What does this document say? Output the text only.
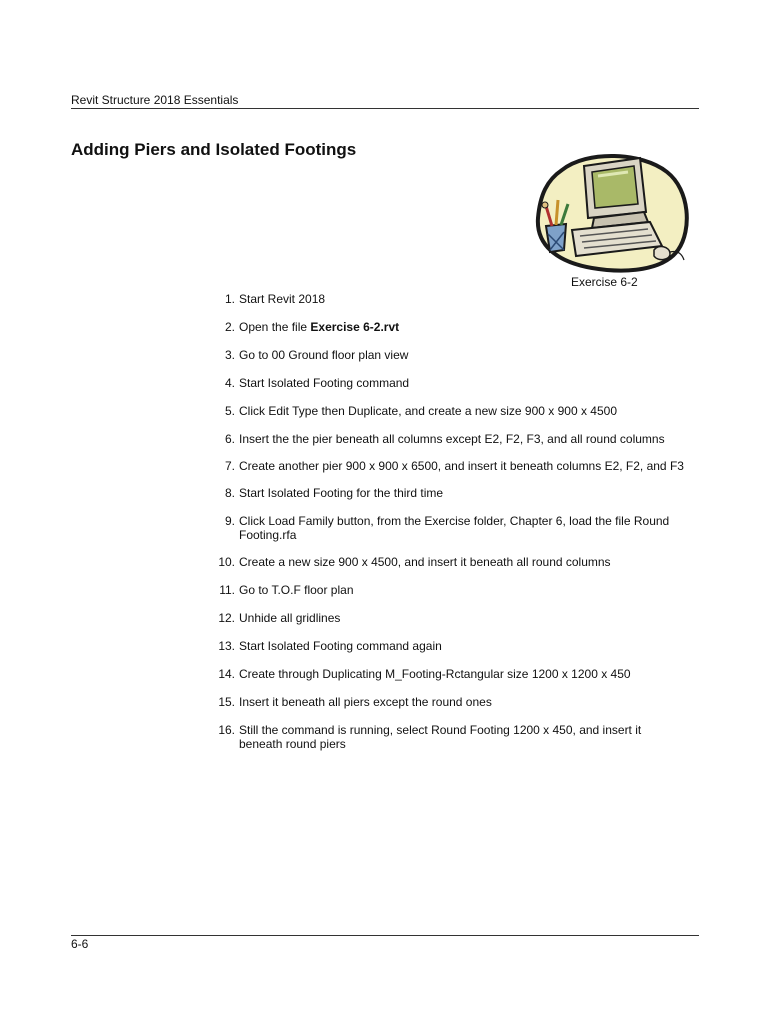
Revit Structure 2018 Essentials
Adding Piers and Isolated Footings
Exercise 6-2
1. Start Revit 2018
2. Open the file Exercise 6-2.rvt
3. Go to 00 Ground floor plan view
4. Start Isolated Footing command
5. Click Edit Type then Duplicate, and create a new size 900 x 900 x 4500
6. Insert the the pier beneath all columns except E2, F2, F3, and all round columns
7. Create another pier 900 x 900 x 6500, and insert it beneath columns E2, F2, and F3
8. Start Isolated Footing for the third time
9. Click Load Family button, from the Exercise folder, Chapter 6, load the file Round Footing.rfa
10. Create a new size 900 x 4500, and insert it beneath all round columns
11. Go to T.O.F floor plan
12. Unhide all gridlines
13. Start Isolated Footing command again
14. Create through Duplicating M_Footing-Rctangular size 1200 x 1200 x 450
15. Insert it beneath all piers except the round ones
16. Still the command is running, select Round Footing 1200 x 450, and insert it beneath round piers
6-6
